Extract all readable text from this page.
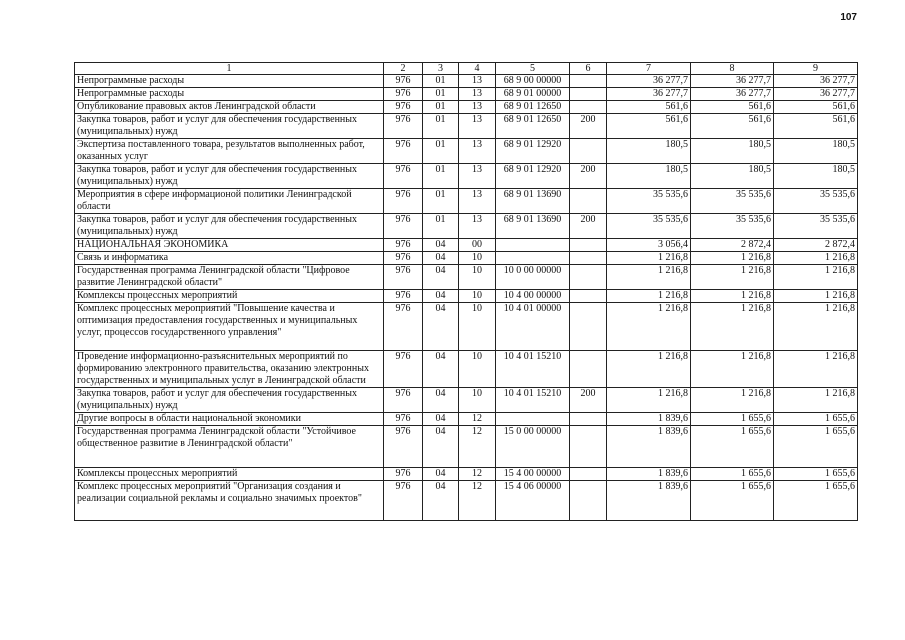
107
1	2	3	4	5	6	7	8	9
Непрограммные расходы	976	01	13	68 9 00 00000		36 277,7	36 277,7	36 277,7
Непрограммные расходы	976	01	13	68 9 01 00000		36 277,7	36 277,7	36 277,7
Опубликование правовых актов Ленинградской области	976	01	13	68 9 01 12650		561,6	561,6	561,6
Закупка товаров, работ и услуг для обеспечения государственных (муниципальных) нужд	976	01	13	68 9 01 12650	200	561,6	561,6	561,6
Экспертиза поставленного товара, результатов выполненных работ, оказанных услуг	976	01	13	68 9 01 12920		180,5	180,5	180,5
Закупка товаров, работ и услуг для обеспечения государственных (муниципальных) нужд	976	01	13	68 9 01 12920	200	180,5	180,5	180,5
Мероприятия в сфере информационой политики Ленинградской области	976	01	13	68 9 01 13690		35 535,6	35 535,6	35 535,6
Закупка товаров, работ и услуг для обеспечения государственных (муниципальных) нужд	976	01	13	68 9 01 13690	200	35 535,6	35 535,6	35 535,6
НАЦИОНАЛЬНАЯ ЭКОНОМИКА	976	04	00			3 056,4	2 872,4	2 872,4
Связь и информатика	976	04	10			1 216,8	1 216,8	1 216,8
Государственная программа Ленинградской области "Цифровое развитие Ленинградской области"	976	04	10	10 0 00 00000		1 216,8	1 216,8	1 216,8
Комплексы процессных мероприятий	976	04	10	10 4 00 00000		1 216,8	1 216,8	1 216,8
Комплекс процессных мероприятий "Повышение качества и оптимизация предоставления государственных и муниципальных услуг, процессов государственного управления"	976	04	10	10 4 01 00000		1 216,8	1 216,8	1 216,8
Проведение информационно-разъяснительных мероприятий по формированию электронного правительства, оказанию электронных государственных и муниципальных услуг в Ленинградской области	976	04	10	10 4 01 15210		1 216,8	1 216,8	1 216,8
Закупка товаров, работ и услуг для обеспечения государственных (муниципальных) нужд	976	04	10	10 4 01 15210	200	1 216,8	1 216,8	1 216,8
Другие вопросы в области национальной экономики	976	04	12			1 839,6	1 655,6	1 655,6
Государственная программа Ленинградской области "Устойчивое общественное развитие в Ленинградской области"	976	04	12	15 0 00 00000		1 839,6	1 655,6	1 655,6
Комплексы процессных мероприятий	976	04	12	15 4 00 00000		1 839,6	1 655,6	1 655,6
Комплекс процессных мероприятий "Организация создания и реализации социальной рекламы и социально значимых проектов"	976	04	12	15 4 06 00000		1 839,6	1 655,6	1 655,6
